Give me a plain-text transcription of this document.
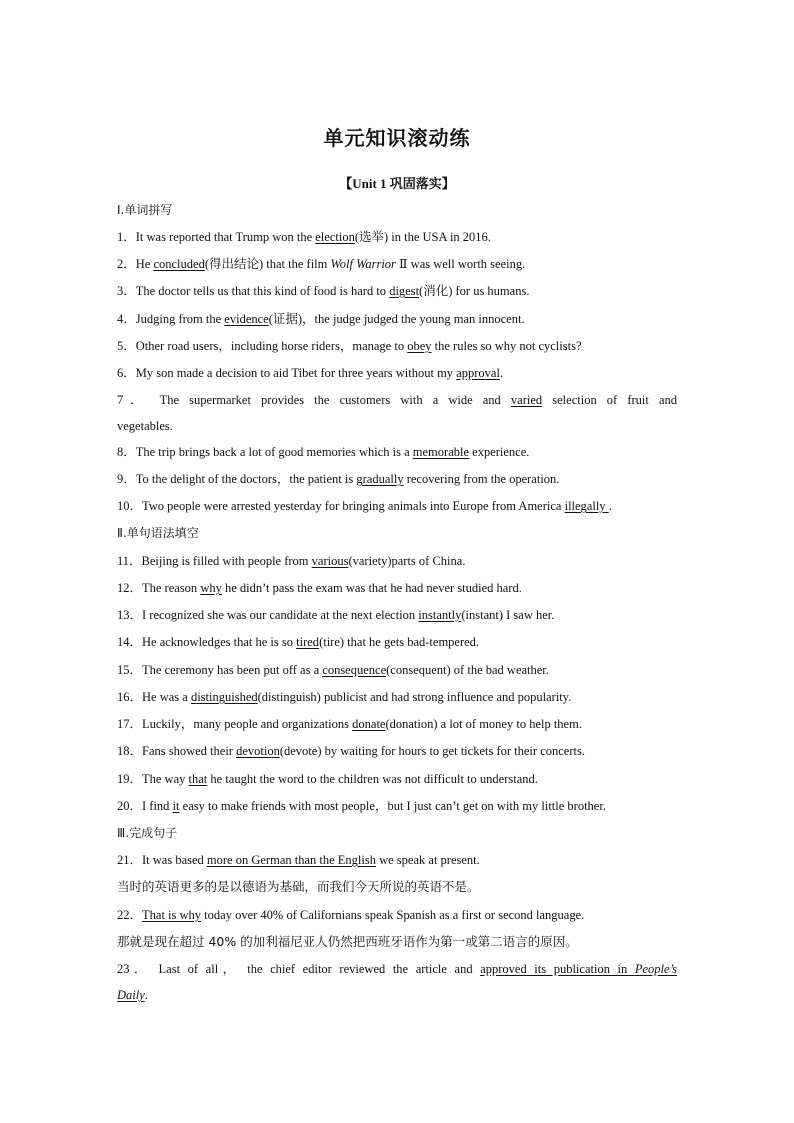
单元知识滚动练
【Unit 1 巩固落实】
Ⅰ.单词拼写
1．It was reported that Trump won the election(选举) in the USA in 2016.
2．He concluded(得出结论) that the film Wolf Warrior Ⅱ was well worth seeing.
3．The doctor tells us that this kind of food is hard to digest(消化) for us humans.
4．Judging from the evidence(证据)，the judge judged the young man innocent.
5．Other road users，including horse riders，manage to obey the rules so why not cyclists?
6．My son made a decision to aid Tibet for three years without my approval.
7． The supermarket provides the customers with a wide and varied selection of fruit and
vegetables.
8．The trip brings back a lot of good memories which is a memorable experience.
9．To the delight of the doctors，the patient is gradually recovering from the operation.
10．Two people were arrested yesterday for bringing animals into Europe from America illegally .
Ⅱ.单句语法填空
11．Beijing is filled with people from various(variety)parts of China.
12．The reason why he didn’t pass the exam was that he had never studied hard.
13．I recognized she was our candidate at the next election instantly(instant) I saw her.
14．He acknowledges that he is so tired(tire) that he gets bad-tempered.
15．The ceremony has been put off as a consequence(consequent) of the bad weather.
16．He was a distinguished(distinguish) publicist and had strong influence and popularity.
17．Luckily，many people and organizations donate(donation) a lot of money to help them.
18．Fans showed their devotion(devote) by waiting for hours to get tickets for their concerts.
19．The way that he taught the word to the children was not difficult to understand.
20．I find it easy to make friends with most people，but I just can’t get on with my little brother.
Ⅲ.完成句子
21．It was based more on German than the English we speak at present.
当时的英语更多的是以德语为基础，而我们今天所说的英语不是。
22．That is why today over 40% of Californians speak Spanish as a first or second language.
那就是现在超过 40% 的加利福尼亚人仍然把西班牙语作为第一或第二语言的原因。
23． Last of all， the chief editor reviewed the article and approved its publication in People’s
Daily.
